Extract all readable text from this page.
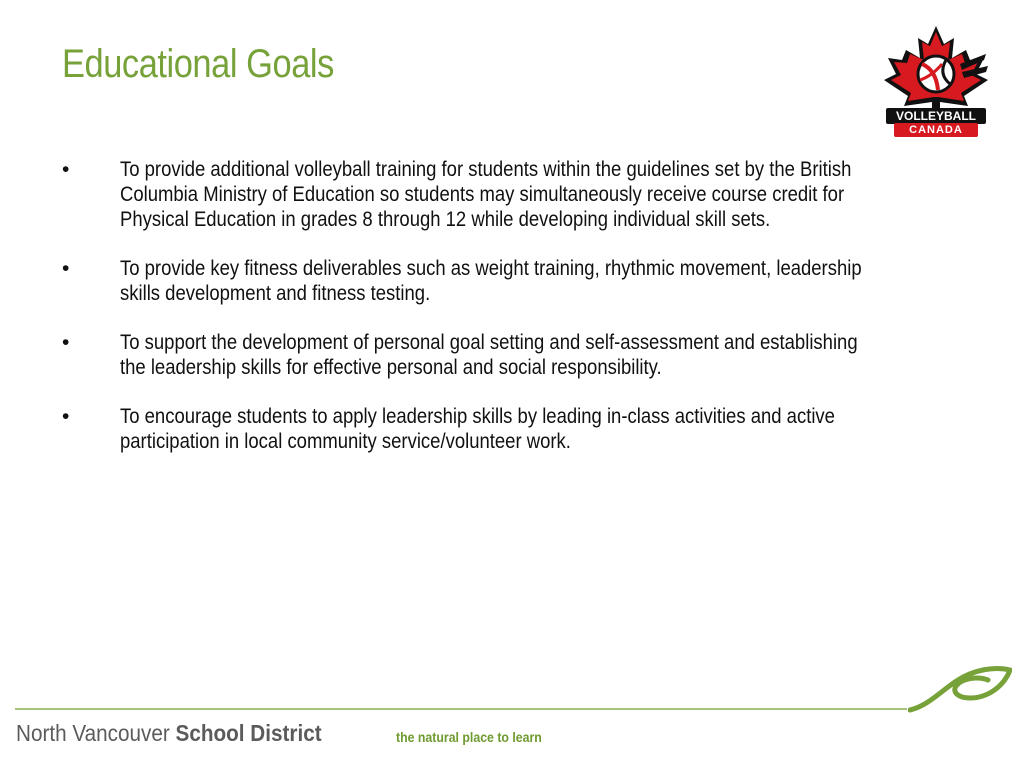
Educational Goals
VOLLEYBALL
CANADA
• To provide additional volleyball training for students within the guidelines set by the British Columbia Ministry of Education so students may simultaneously receive course credit for Physical Education in grades 8 through 12 while developing individual skill sets.
• To provide key fitness deliverables such as weight training, rhythmic movement, leadership skills development and fitness testing.
• To support the development of personal goal setting and self-assessment and establishing the leadership skills for effective personal and social responsibility.
• To encourage students to apply leadership skills by leading in-class activities and active participation in local community service/volunteer work.
North Vancouver School District	the natural place to learn
